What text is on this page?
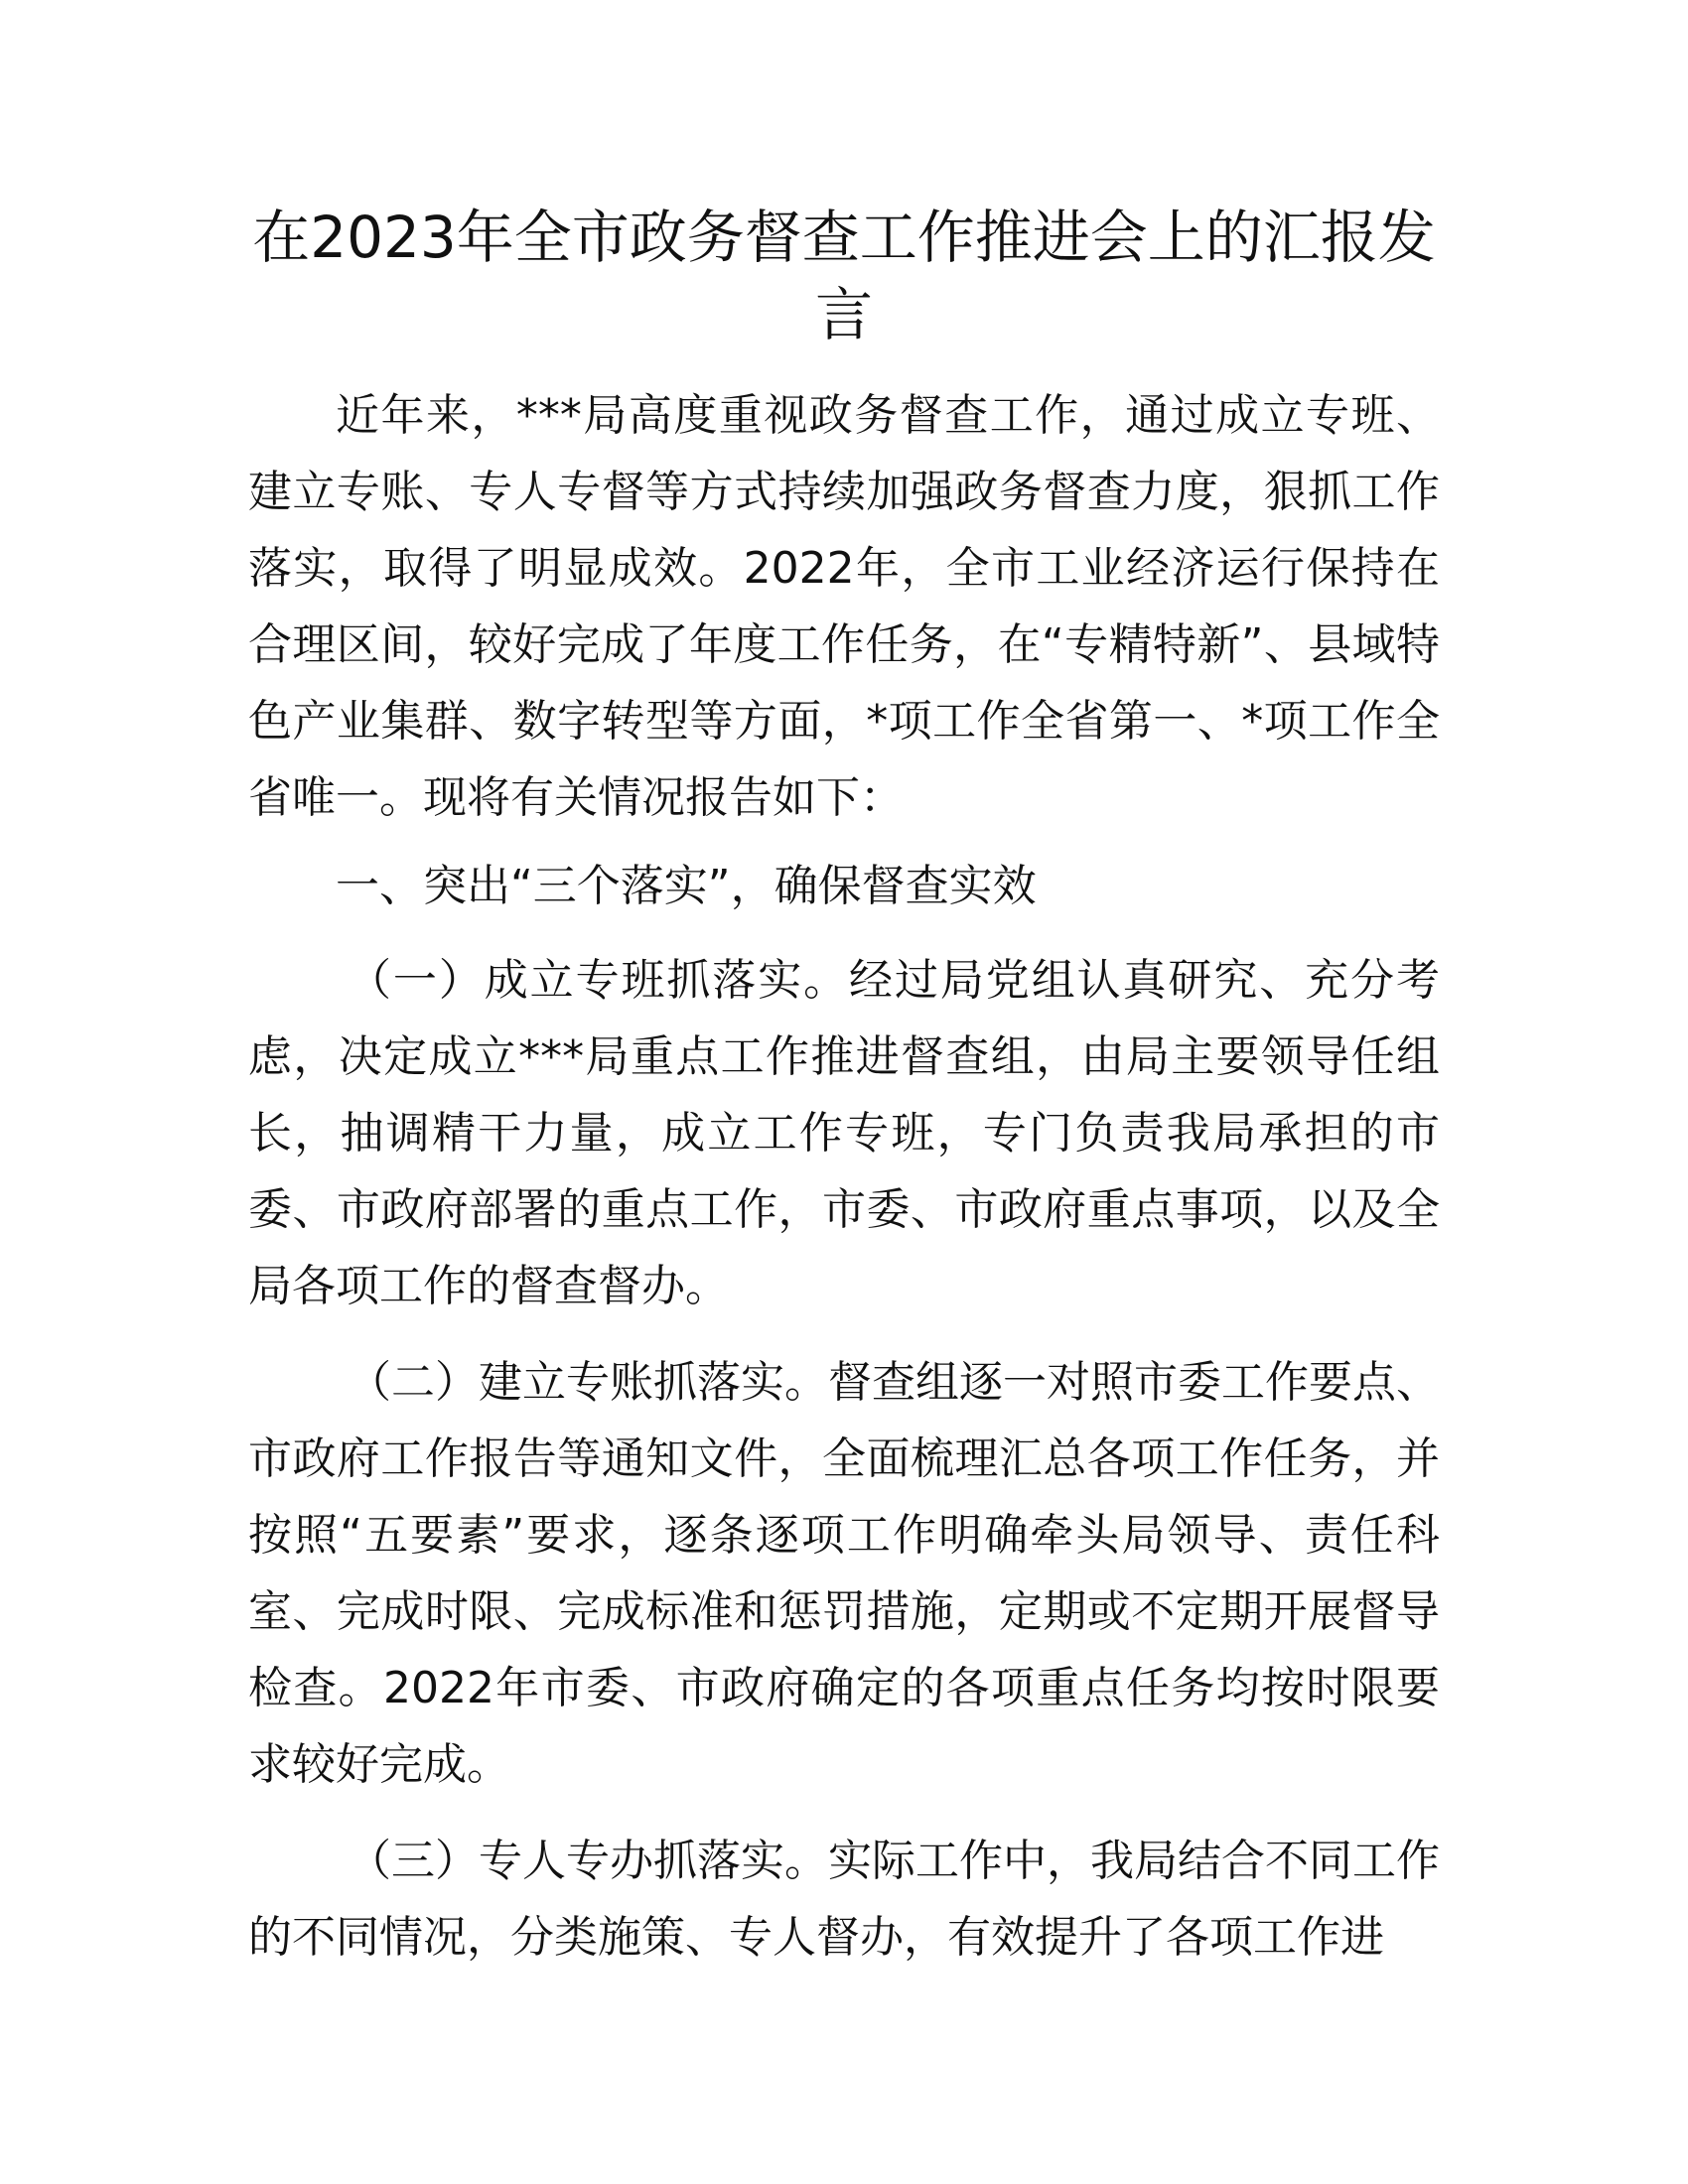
在2023年全市政务督查工作推进会上的汇报发言

近年来，***局高度重视政务督查工作，通过成立专班、建立专账、专人专督等方式持续加强政务督查力度，狠抓工作落实，取得了明显成效。2022年，全市工业经济运行保持在合理区间，较好完成了年度工作任务，在“专精特新”、县域特色产业集群、数字转型等方面，*项工作全省第一、*项工作全省唯一。现将有关情况报告如下：

一、突出“三个落实”，确保督查实效

（一）成立专班抓落实。经过局党组认真研究、充分考虑，决定成立***局重点工作推进督查组，由局主要领导任组长，抽调精干力量，成立工作专班，专门负责我局承担的市委、市政府部署的重点工作，市委、市政府重点事项，以及全局各项工作的督查督办。

（二）建立专账抓落实。督查组逐一对照市委工作要点、市政府工作报告等通知文件，全面梳理汇总各项工作任务，并按照“五要素”要求，逐条逐项工作明确牵头局领导、责任科室、完成时限、完成标准和惩罚措施，定期或不定期开展督导检查。2022年市委、市政府确定的各项重点任务均按时限要求较好完成。

（三）专人专办抓落实。实际工作中，我局结合不同工作的不同情况，分类施策、专人督办，有效提升了各项工作进
